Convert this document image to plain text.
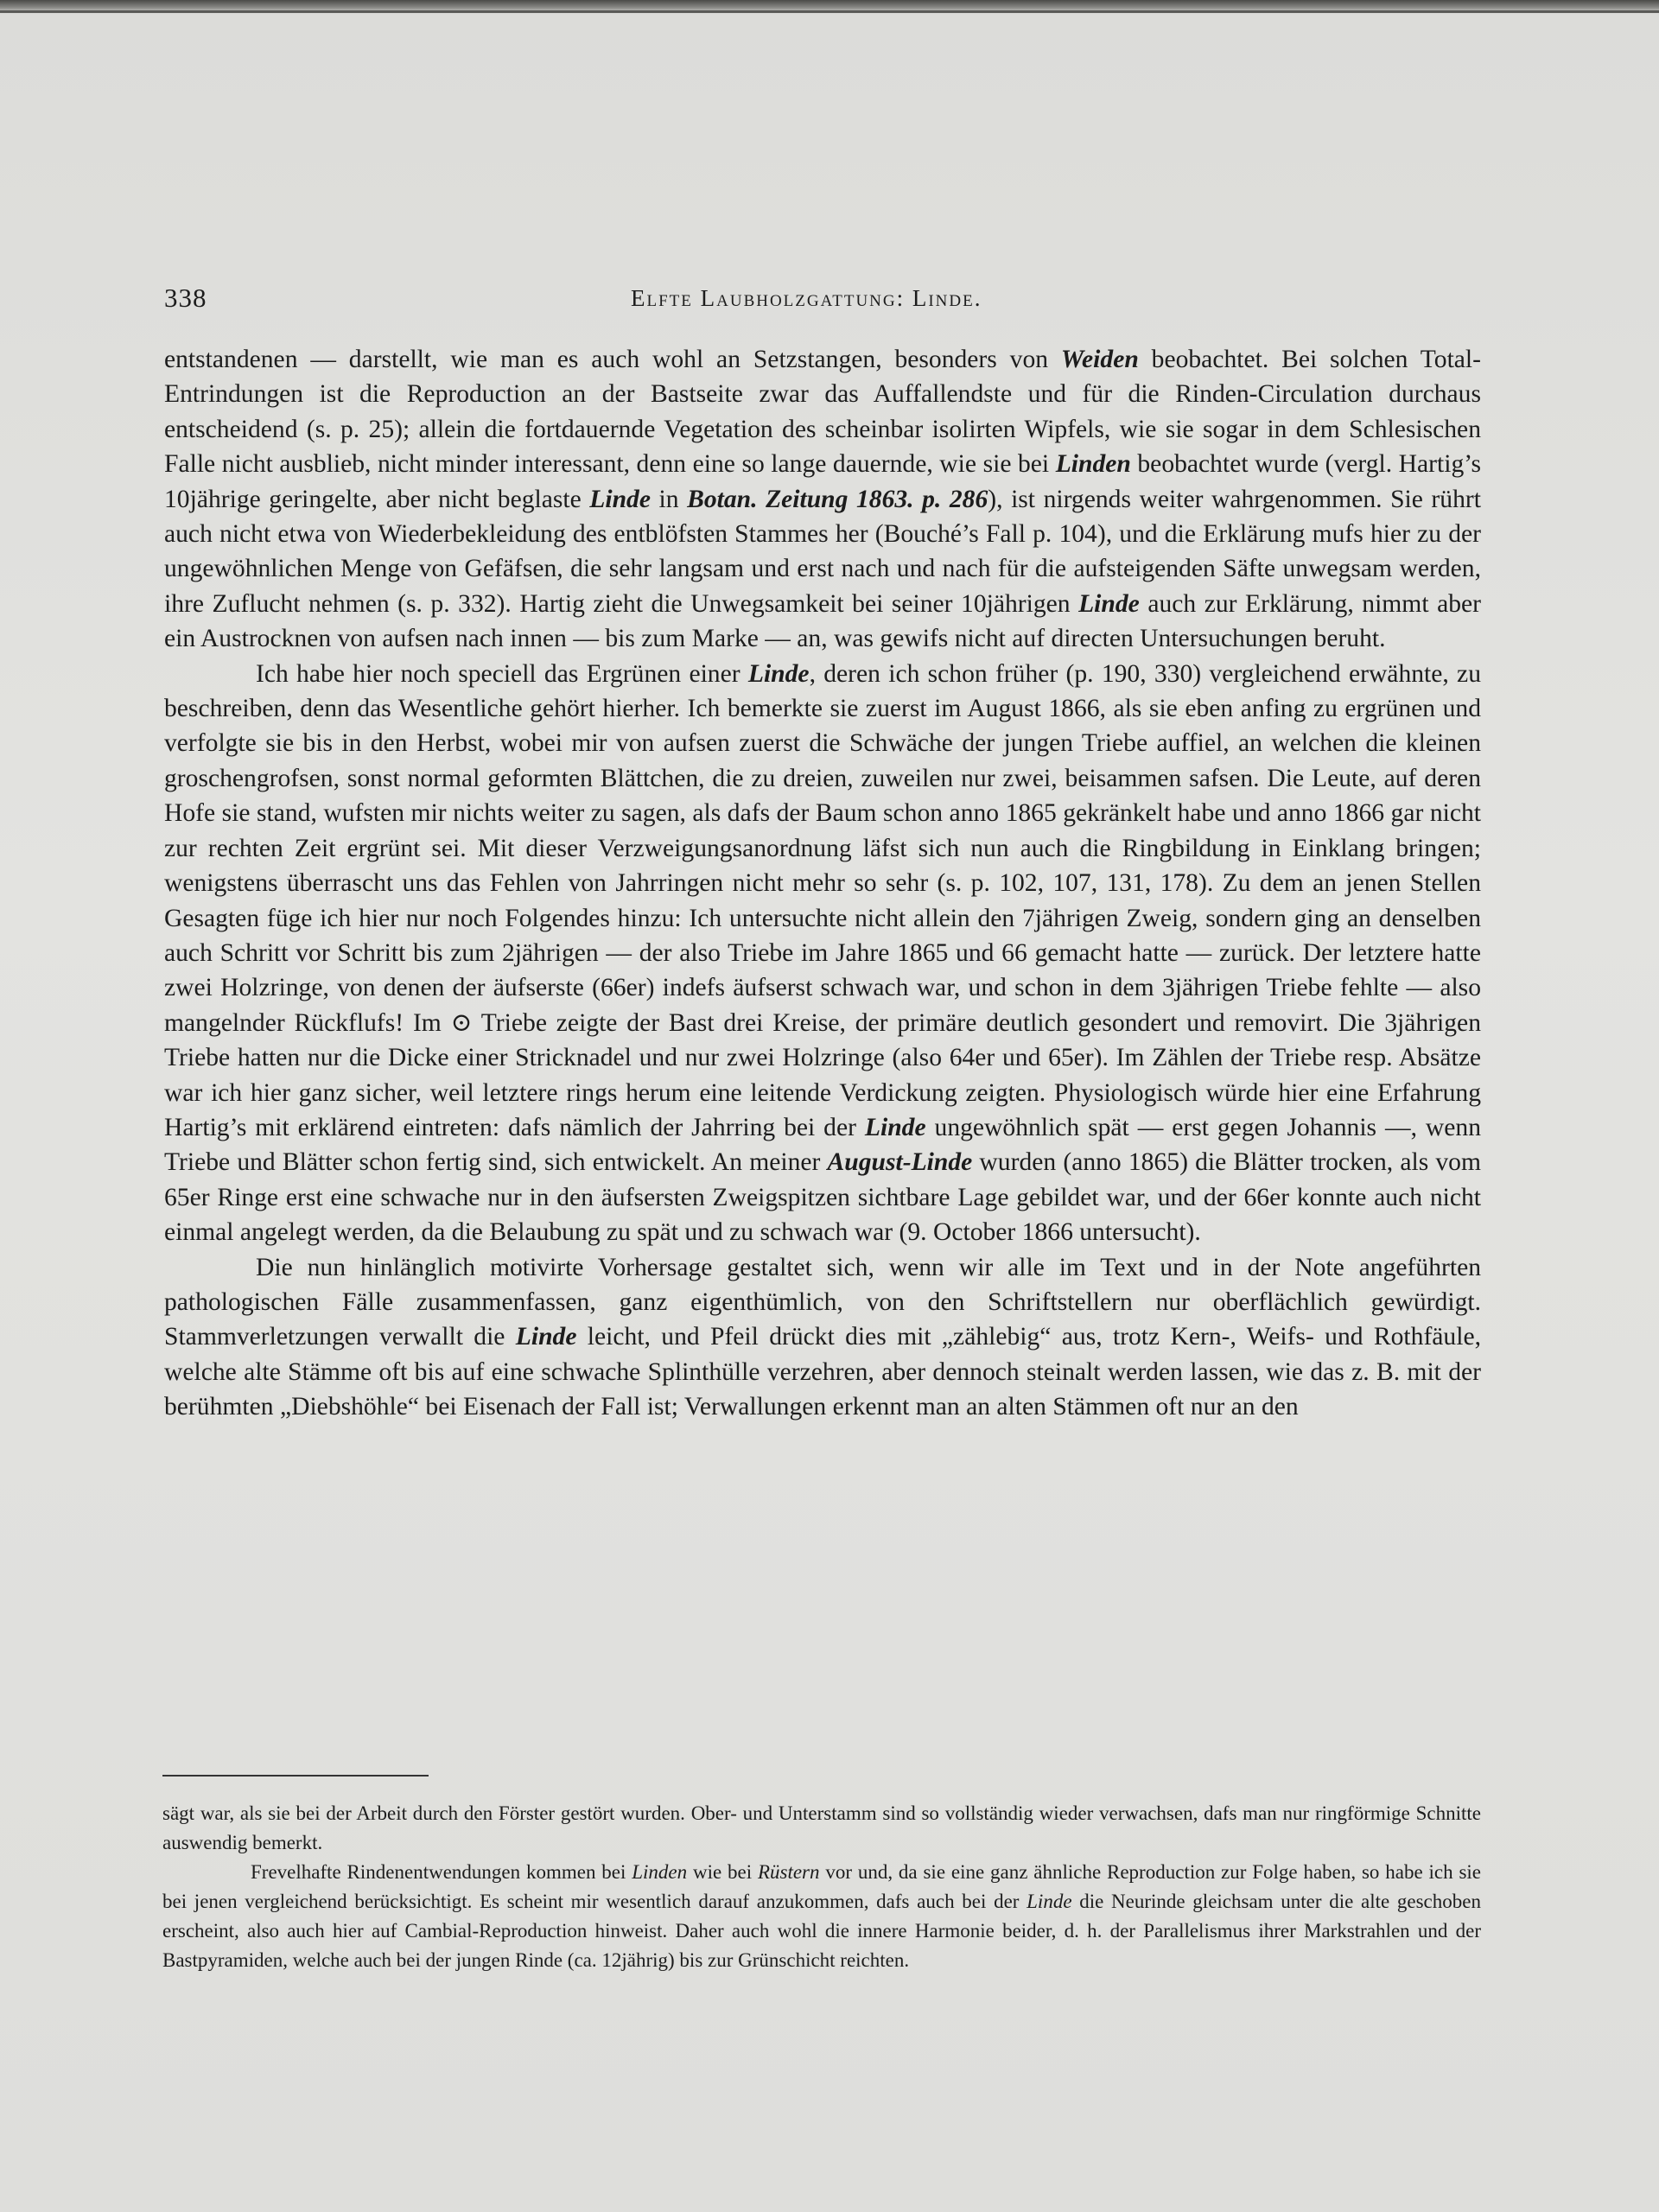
338	Elfte Laubholzgattung: Linde.

entstandenen — darstellt, wie man es auch wohl an Setzstangen, besonders von Weiden beobachtet. Bei solchen Total-Entrindungen ist die Reproduction an der Bastseite zwar das Auffallendste und für die Rinden-Circulation durchaus entscheidend (s. p. 25); allein die fortdauernde Vegetation des scheinbar isolirten Wipfels, wie sie sogar in dem Schlesischen Falle nicht ausblieb, nicht minder interessant, denn eine so lange dauernde, wie sie bei Linden beobachtet wurde (vergl. Hartig’s 10jährige geringelte, aber nicht beglaste Linde in Botan. Zeitung 1863. p. 286), ist nirgends weiter wahrgenommen. Sie rührt auch nicht etwa von Wiederbekleidung des entblöfsten Stammes her (Bouché’s Fall p. 104), und die Erklärung mufs hier zu der ungewöhnlichen Menge von Gefäfsen, die sehr langsam und erst nach und nach für die aufsteigenden Säfte unwegsam werden, ihre Zuflucht nehmen (s. p. 332). Hartig zieht die Unwegsamkeit bei seiner 10jährigen Linde auch zur Erklärung, nimmt aber ein Austrocknen von aufsen nach innen — bis zum Marke — an, was gewifs nicht auf directen Untersuchungen beruht.

Ich habe hier noch speciell das Ergrünen einer Linde, deren ich schon früher (p. 190, 330) vergleichend erwähnte, zu beschreiben, denn das Wesentliche gehört hierher. Ich bemerkte sie zuerst im August 1866, als sie eben anfing zu ergrünen und verfolgte sie bis in den Herbst, wobei mir von aufsen zuerst die Schwäche der jungen Triebe auffiel, an welchen die kleinen groschengrofsen, sonst normal geformten Blättchen, die zu dreien, zuweilen nur zwei, beisammen safsen. Die Leute, auf deren Hofe sie stand, wufsten mir nichts weiter zu sagen, als dafs der Baum schon anno 1865 gekränkelt habe und anno 1866 gar nicht zur rechten Zeit ergrünt sei. Mit dieser Verzweigungsanordnung läfst sich nun auch die Ringbildung in Einklang bringen; wenigstens überrascht uns das Fehlen von Jahrringen nicht mehr so sehr (s. p. 102, 107, 131, 178). Zu dem an jenen Stellen Gesagten füge ich hier nur noch Folgendes hinzu: Ich untersuchte nicht allein den 7jährigen Zweig, sondern ging an denselben auch Schritt vor Schritt bis zum 2jährigen — der also Triebe im Jahre 1865 und 66 gemacht hatte — zurück. Der letztere hatte zwei Holzringe, von denen der äufserste (66er) indefs äufserst schwach war, und schon in dem 3jährigen Triebe fehlte — also mangelnder Rückflufs! Im ⊙ Triebe zeigte der Bast drei Kreise, der primäre deutlich gesondert und removirt. Die 3jährigen Triebe hatten nur die Dicke einer Stricknadel und nur zwei Holzringe (also 64er und 65er). Im Zählen der Triebe resp. Absätze war ich hier ganz sicher, weil letztere rings herum eine leitende Verdickung zeigten. Physiologisch würde hier eine Erfahrung Hartig’s mit erklärend eintreten: dafs nämlich der Jahrring bei der Linde ungewöhnlich spät — erst gegen Johannis —, wenn Triebe und Blätter schon fertig sind, sich entwickelt. An meiner August-Linde wurden (anno 1865) die Blätter trocken, als vom 65er Ringe erst eine schwache nur in den äufsersten Zweigspitzen sichtbare Lage gebildet war, und der 66er konnte auch nicht einmal angelegt werden, da die Belaubung zu spät und zu schwach war (9. October 1866 untersucht).

Die nun hinlänglich motivirte Vorhersage gestaltet sich, wenn wir alle im Text und in der Note angeführten pathologischen Fälle zusammenfassen, ganz eigenthümlich, von den Schriftstellern nur oberflächlich gewürdigt. Stammverletzungen verwallt die Linde leicht, und Pfeil drückt dies mit „zählebig“ aus, trotz Kern-, Weifs- und Rothfäule, welche alte Stämme oft bis auf eine schwache Splinthülle verzehren, aber dennoch steinalt werden lassen, wie das z. B. mit der berühmten „Diebshöhle“ bei Eisenach der Fall ist; Verwallungen erkennt man an alten Stämmen oft nur an den

sägt war, als sie bei der Arbeit durch den Förster gestört wurden. Ober- und Unterstamm sind so vollständig wieder verwachsen, dafs man nur ringförmige Schnitte auswendig bemerkt.

Frevelhafte Rindenentwendungen kommen bei Linden wie bei Rüstern vor und, da sie eine ganz ähnliche Reproduction zur Folge haben, so habe ich sie bei jenen vergleichend berücksichtigt. Es scheint mir wesentlich darauf anzukommen, dafs auch bei der Linde die Neurinde gleichsam unter die alte geschoben erscheint, also auch hier auf Cambial-Reproduction hinweist. Daher auch wohl die innere Harmonie beider, d. h. der Parallelismus ihrer Markstrahlen und der Bastpyramiden, welche auch bei der jungen Rinde (ca. 12jährig) bis zur Grünschicht reichten.
